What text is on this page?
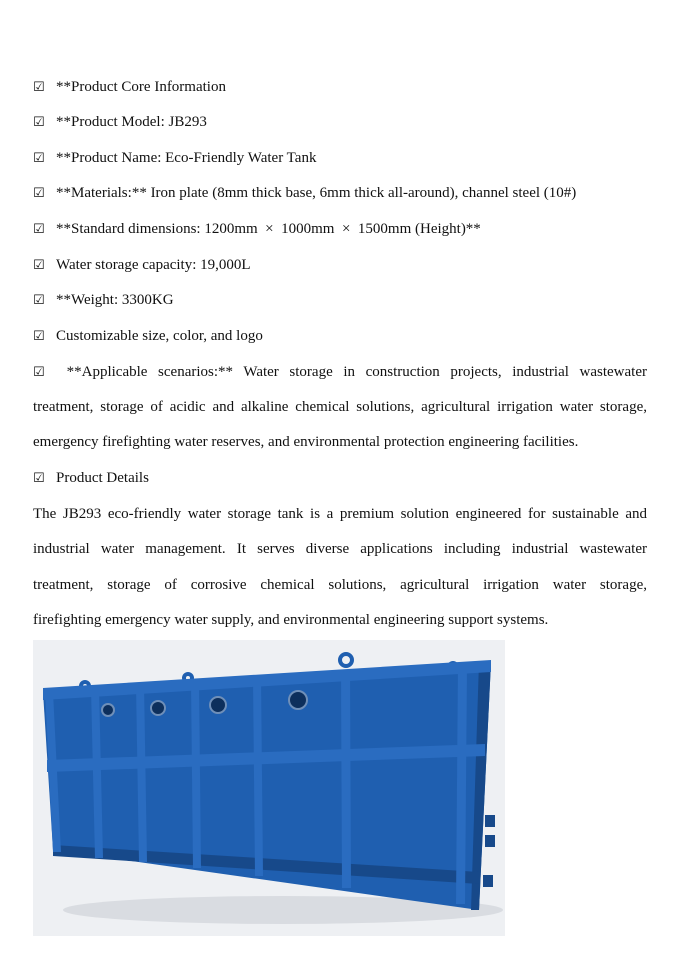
☑ **Product Core Information
☑ **Product Model: JB293
☑ **Product Name: Eco-Friendly Water Tank
☑ **Materials:** Iron plate (8mm thick base, 6mm thick all-around), channel steel (10#)
☑ **Standard dimensions: 1200mm  ×  1000mm  ×  1500mm (Height)**
☑ Water storage capacity: 19,000L
☑ **Weight: 3300KG
☑ Customizable size, color, and logo
☑ **Applicable scenarios:** Water storage in construction projects, industrial wastewater
treatment, storage of acidic and alkaline chemical solutions, agricultural irrigation water storage,
emergency firefighting water reserves, and environmental protection engineering facilities.
☑ Product Details
The JB293 eco-friendly water storage tank is a premium solution engineered for sustainable and
industrial water management. It serves diverse applications including industrial wastewater
treatment, storage of corrosive chemical solutions, agricultural irrigation water storage,
firefighting emergency water supply, and environmental engineering support systems.
